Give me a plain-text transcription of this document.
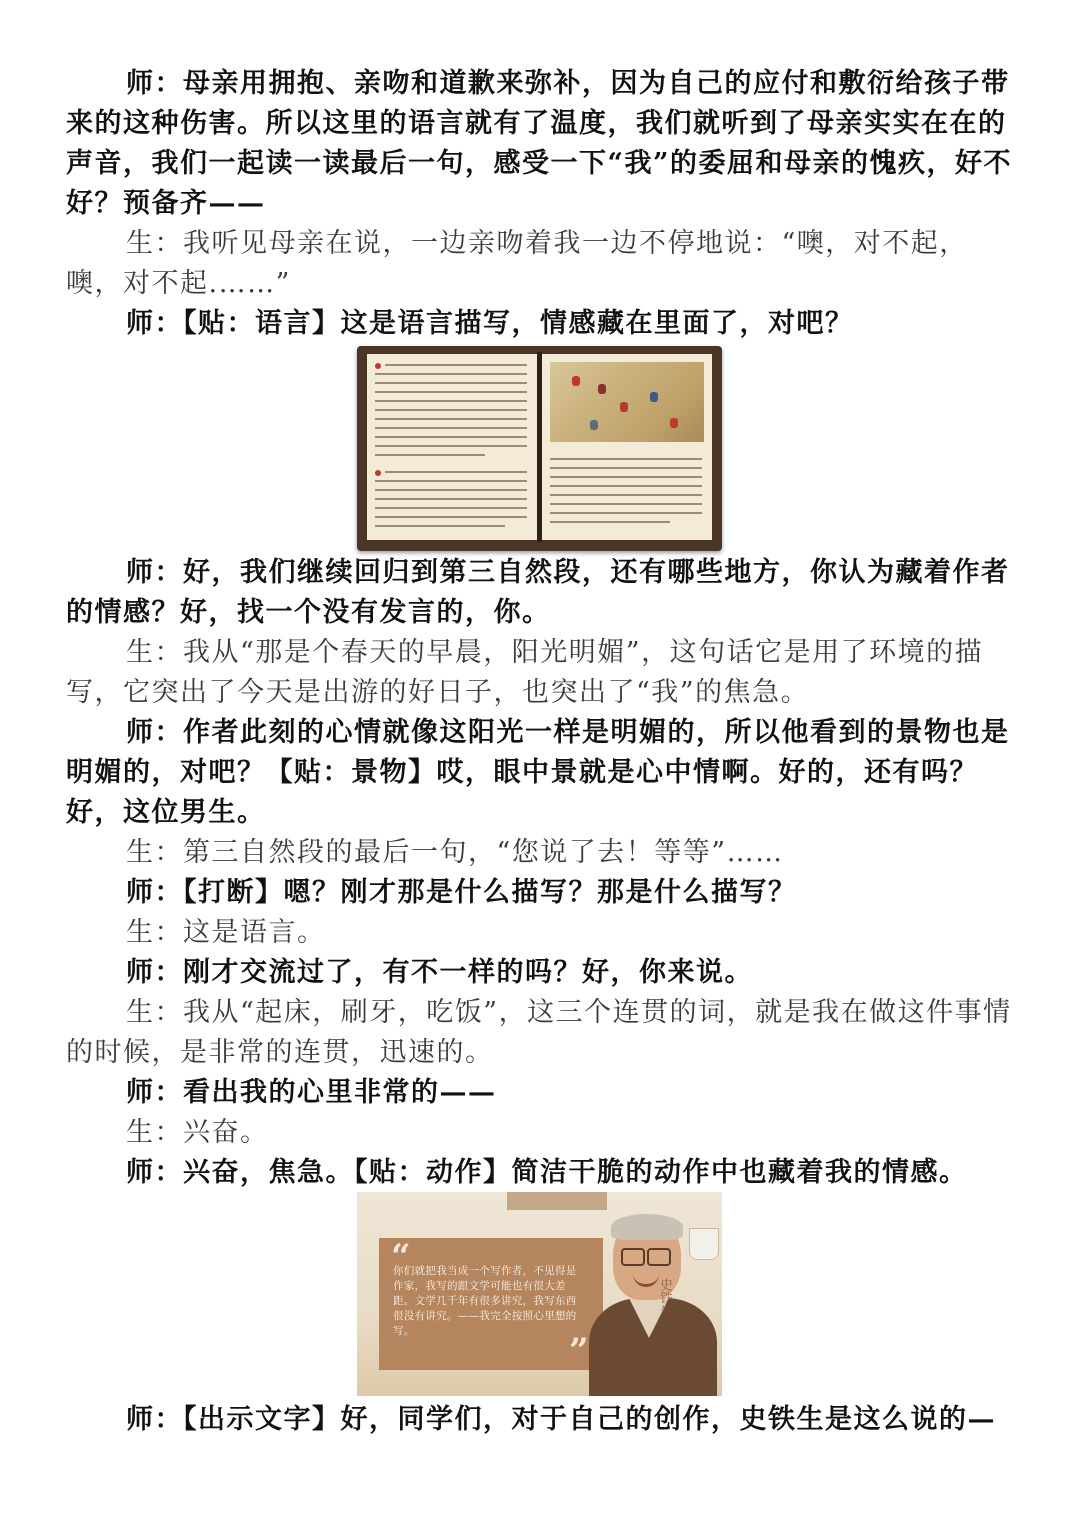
师：母亲用拥抱、亲吻和道歉来弥补，因为自己的应付和敷衍给孩子带来的这种伤害。所以这里的语言就有了温度，我们就听到了母亲实实在在的声音，我们一起读一读最后一句，感受一下“我”的委屈和母亲的愧疚，好不好？预备齐——

生：我听见母亲在说，一边亲吻着我一边不停地说：“噢，对不起，噢，对不起.……”

师：【贴：语言】这是语言描写，情感藏在里面了，对吧？

师：好，我们继续回归到第三自然段，还有哪些地方，你认为藏着作者的情感？好，找一个没有发言的，你。

生：我从“那是个春天的早晨，阳光明媚”，这句话它是用了环境的描写，它突出了今天是出游的好日子，也突出了“我”的焦急。

师：作者此刻的心情就像这阳光一样是明媚的，所以他看到的景物也是明媚的，对吧？【贴：景物】哎，眼中景就是心中情啊。好的，还有吗？好，这位男生。

生：第三自然段的最后一句，“您说了去！等等”……

师：【打断】嗯？刚才那是什么描写？那是什么描写？

生：这是语言。

师：刚才交流过了，有不一样的吗？好，你来说。

生：我从“起床，刷牙，吃饭”，这三个连贯的词，就是我在做这件事情的时候，是非常的连贯，迅速的。

师：看出我的心里非常的——

生：兴奋。

师：兴奋，焦急。【贴：动作】简洁干脆的动作中也藏着我的情感。

“
”
你们就把我当成一个写作者，不见得是作家，我写的跟文学可能也有很大差距。文学几千年有很多讲究，我写东西很没有讲究。——我完全按照心里想的写。
史铁生

师：【出示文字】好，同学们，对于自己的创作，史铁生是这么说的—
